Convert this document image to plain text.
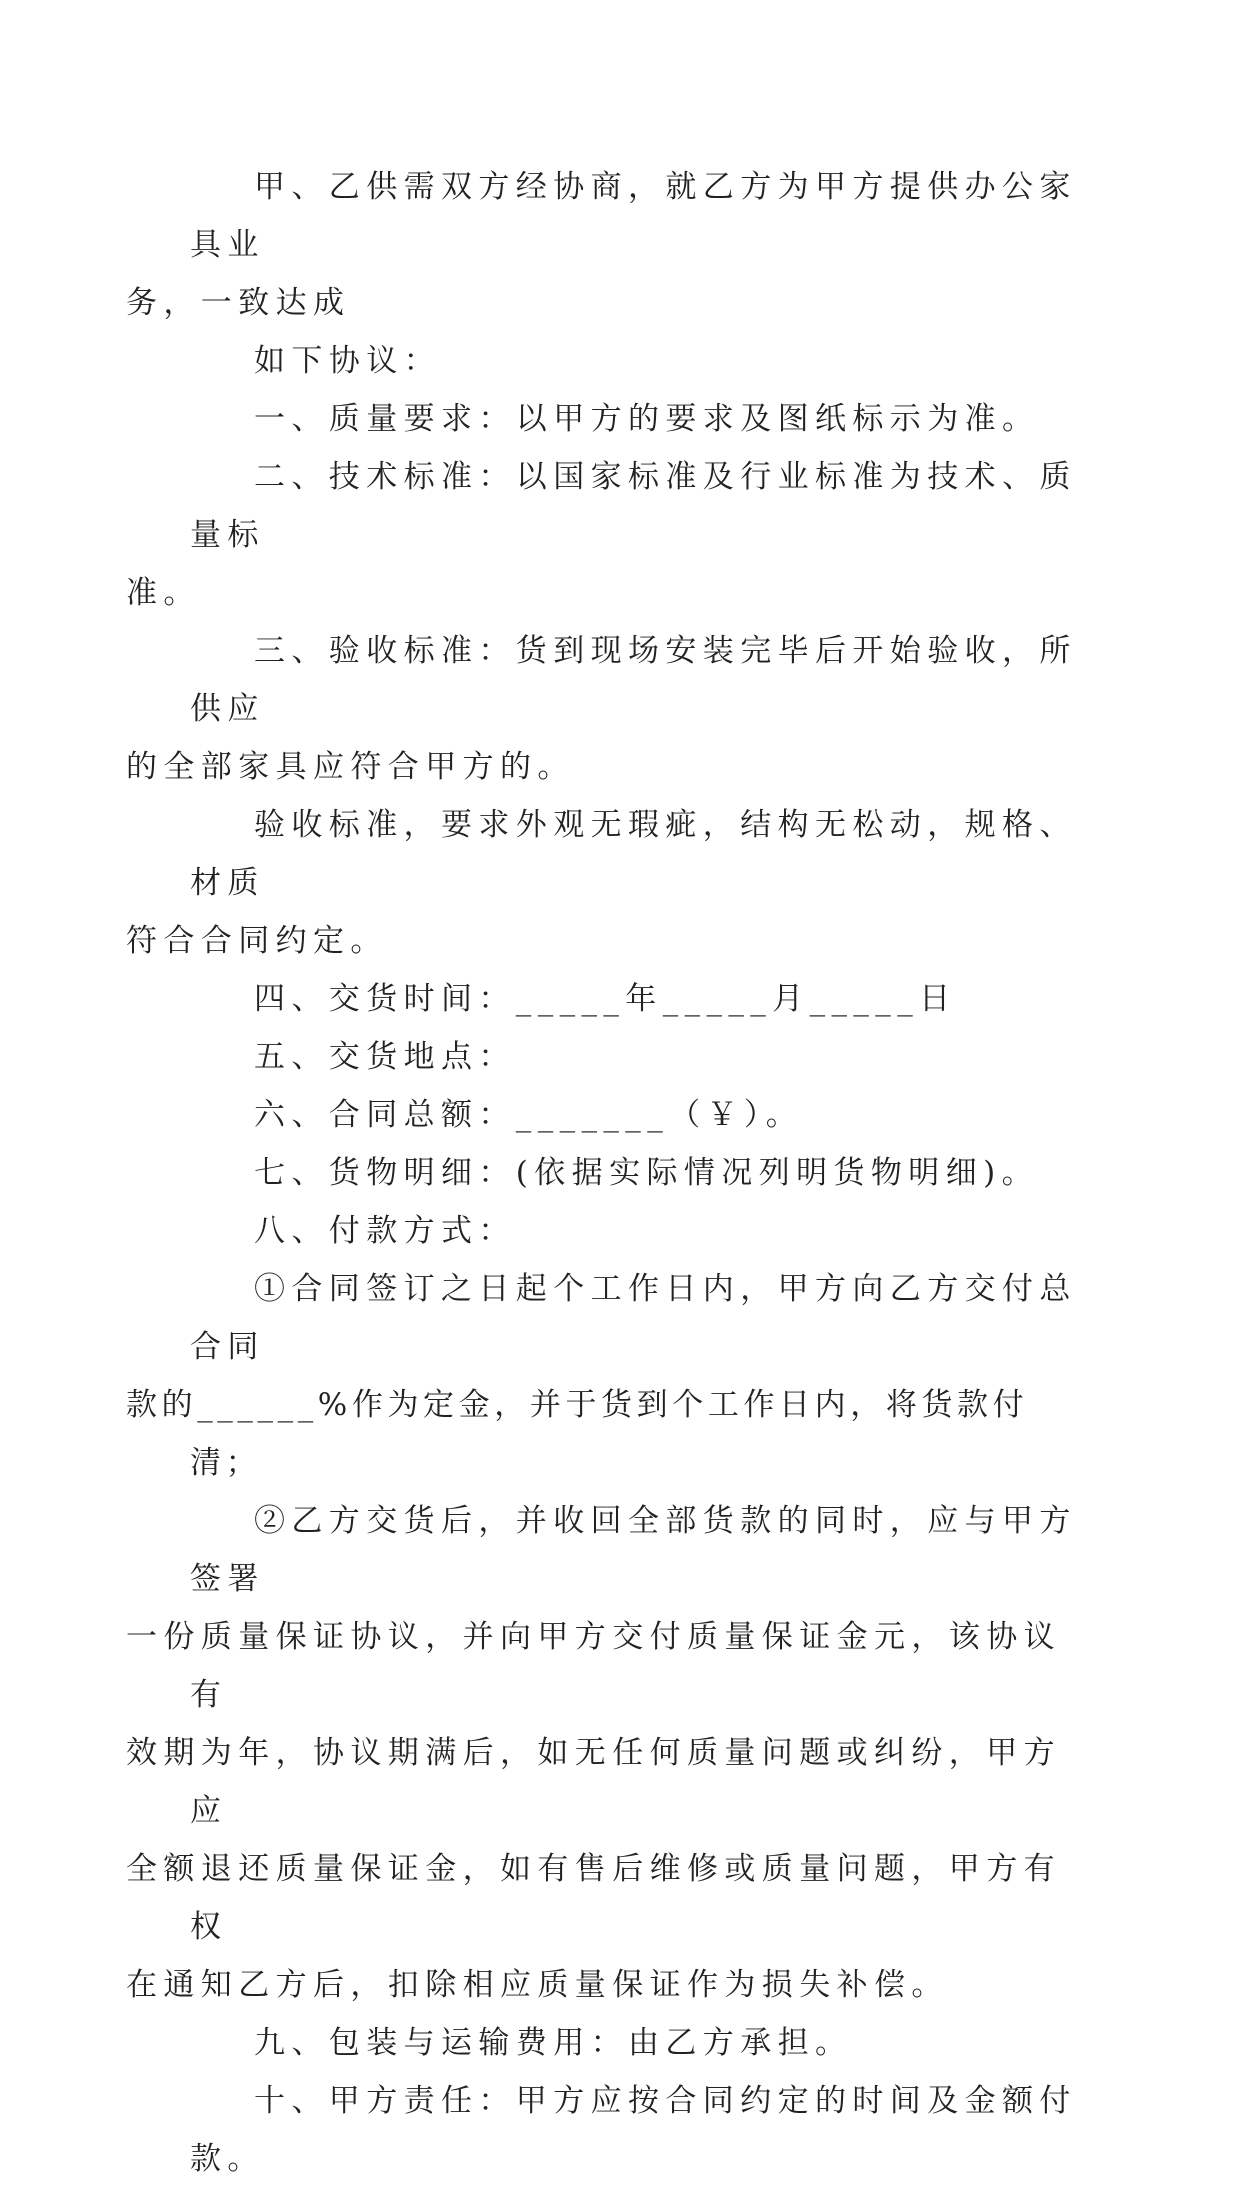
甲、乙供需双方经协商，就乙方为甲方提供办公家具业
务，一致达成

如下协议：

一、质量要求：以甲方的要求及图纸标示为准。

二、技术标准：以国家标准及行业标准为技术、质量标
准。

三、验收标准：货到现场安装完毕后开始验收，所供应
的全部家具应符合甲方的。

验收标准，要求外观无瑕疵，结构无松动，规格、材质
符合合同约定。

四、交货时间：_____年_____月_____日

五、交货地点：

六、合同总额：_______（￥）。

七、货物明细：(依据实际情况列明货物明细)。

八、付款方式：

①合同签订之日起个工作日内，甲方向乙方交付总合同
款的______%作为定金，并于货到个工作日内，将货款付清；

②乙方交货后，并收回全部货款的同时，应与甲方签署
一份质量保证协议，并向甲方交付质量保证金元，该协议有
效期为年，协议期满后，如无任何质量问题或纠纷，甲方应
全额退还质量保证金，如有售后维修或质量问题，甲方有权
在通知乙方后，扣除相应质量保证作为损失补偿。

九、包装与运输费用：由乙方承担。

十、甲方责任：甲方应按合同约定的时间及金额付款。
